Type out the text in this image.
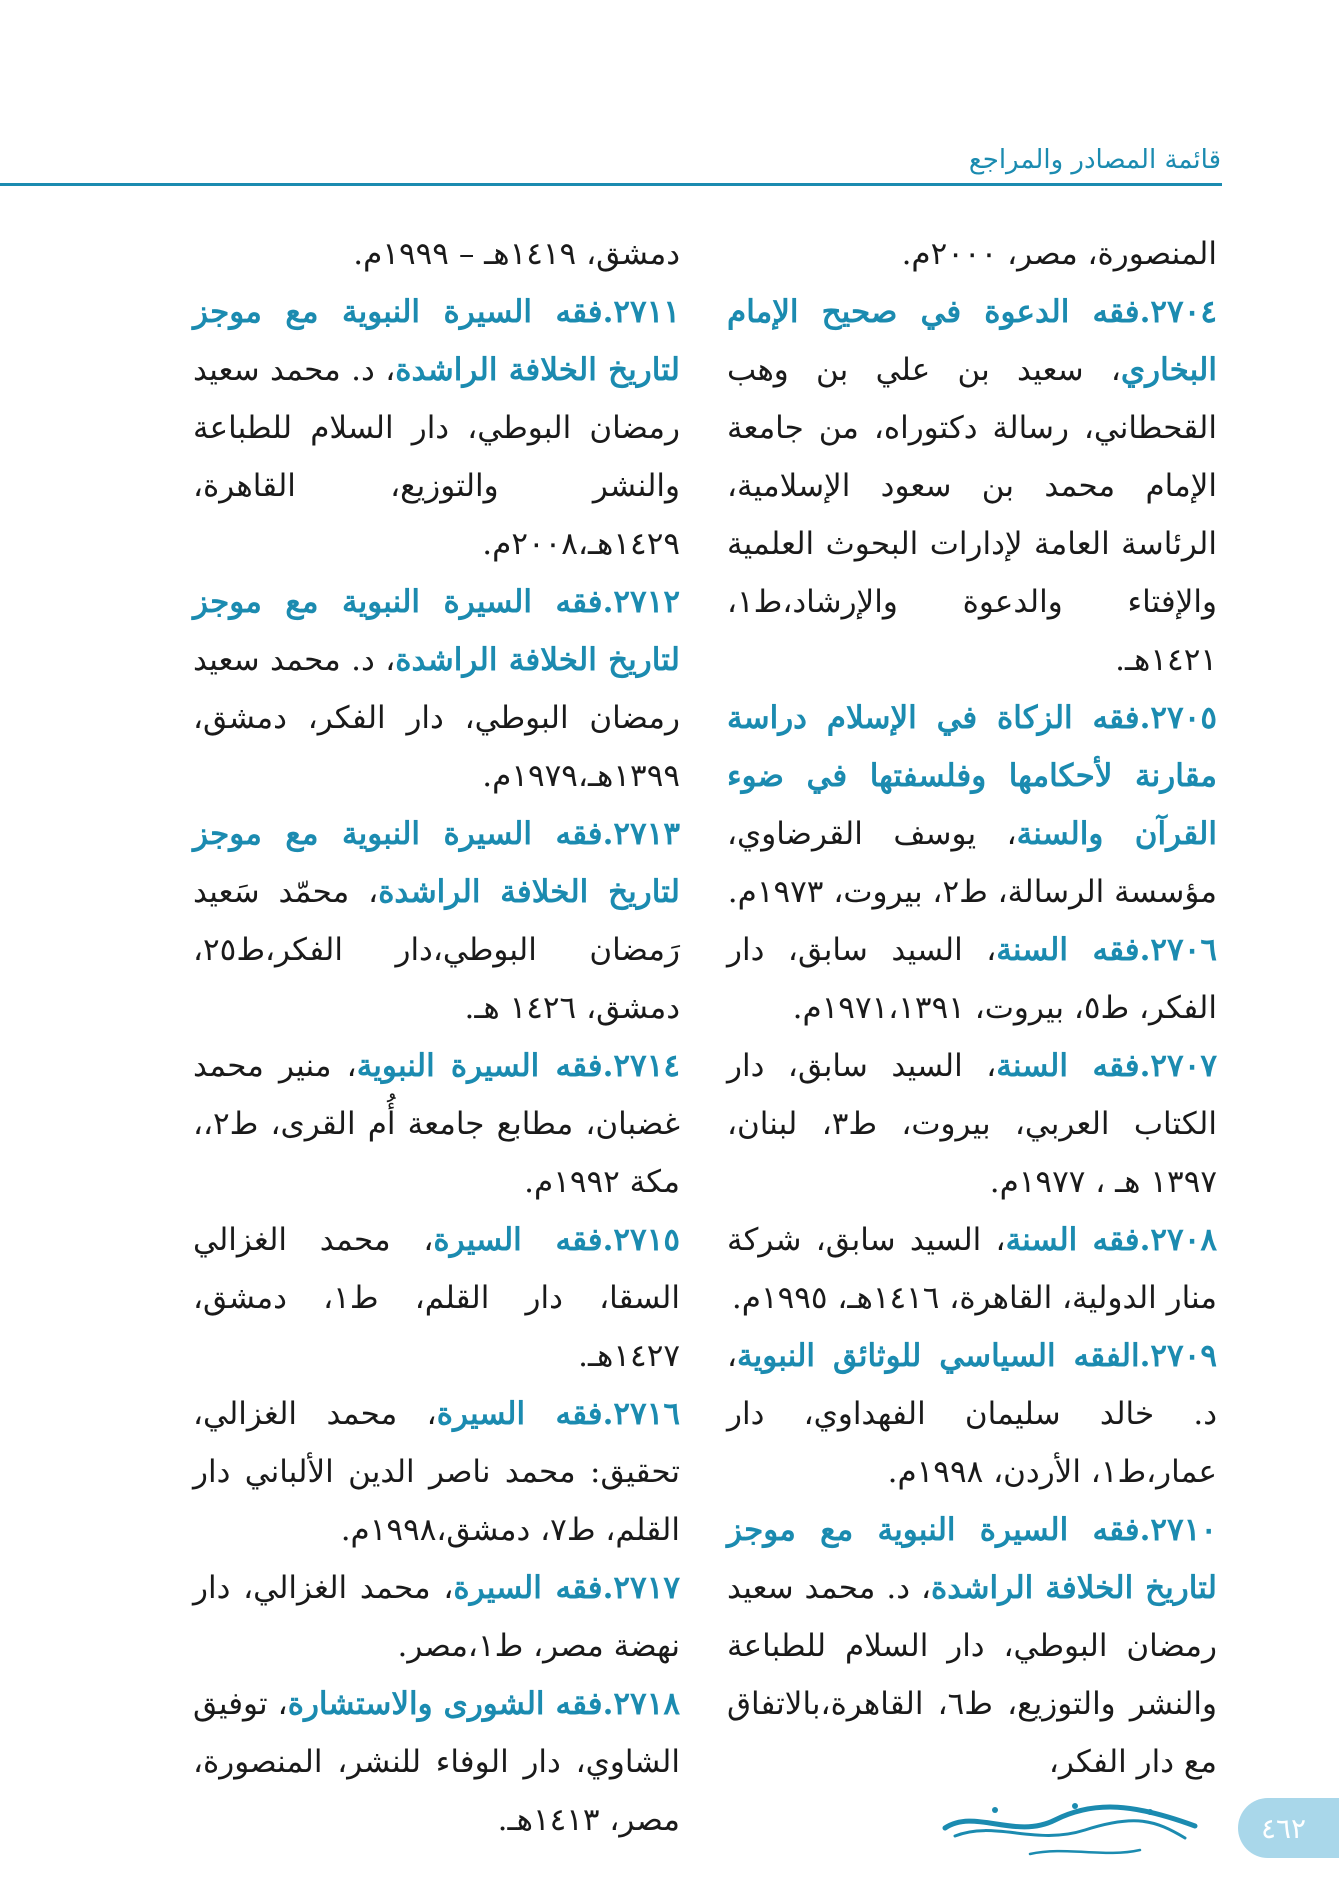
قائمة المصادر والمراجع

المنصورة، مصر، ٢٠٠٠م.

٢٧٠٤.فقه الدعوة في صحيح الإمام البخاري، سعيد بن علي بن وهب القحطاني، رسالة دكتوراه، من جامعة الإمام محمد بن سعود الإسلامية، الرئاسة العامة لإدارات البحوث العلمية والإفتاء والدعوة والإرشاد،ط١، ١٤٢١هـ.

٢٧٠٥.فقه الزكاة في الإسلام دراسة مقارنة لأحكامها وفلسفتها في ضوء القرآن والسنة، يوسف القرضاوي، مؤسسة الرسالة، ط٢، بيروت، ١٩٧٣م.

٢٧٠٦.فقه السنة، السيد سابق، دار الفكر، ط٥، بيروت، ١٩٧١،١٣٩١م.

٢٧٠٧.فقه السنة، السيد سابق، دار الكتاب العربي، بيروت، ط٣، لبنان، ١٣٩٧ هـ ، ١٩٧٧م.

٢٧٠٨.فقه السنة، السيد سابق، شركة منار الدولية، القاهرة، ١٤١٦هـ، ١٩٩٥م.

٢٧٠٩.الفقه السياسي للوثائق النبوية، د. خالد سليمان الفهداوي، دار عمار،ط١، الأردن، ١٩٩٨م.

٢٧١٠.فقه السيرة النبوية مع موجز لتاريخ الخلافة الراشدة، د. محمد سعيد رمضان البوطي، دار السلام للطباعة والنشر والتوزيع، ط٦، القاهرة،بالاتفاق مع دار الفكر،

دمشق، ١٤١٩هـ – ١٩٩٩م.

٢٧١١.فقه السيرة النبوية مع موجز لتاريخ الخلافة الراشدة، د. محمد سعيد رمضان البوطي، دار السلام للطباعة والنشر والتوزيع، القاهرة، ١٤٢٩هـ،٢٠٠٨م.

٢٧١٢.فقه السيرة النبوية مع موجز لتاريخ الخلافة الراشدة، د. محمد سعيد رمضان البوطي، دار الفكر، دمشق، ١٣٩٩هـ،١٩٧٩م.

٢٧١٣.فقه السيرة النبوية مع موجز لتاريخ الخلافة الراشدة، محمّد سَعيد رَمضان البوطي،دار الفكر،ط٢٥، دمشق، ١٤٢٦ هـ.

٢٧١٤.فقه السيرة النبوية، منير محمد غضبان، مطابع جامعة أُم القرى، ط٢،، مكة ١٩٩٢م.

٢٧١٥.فقه السيرة، محمد الغزالي السقا، دار القلم، ط١، دمشق، ١٤٢٧هـ.

٢٧١٦.فقه السيرة، محمد الغزالي، تحقيق: محمد ناصر الدين الألباني دار القلم، ط٧، دمشق،١٩٩٨م.

٢٧١٧.فقه السيرة، محمد الغزالي، دار نهضة مصر، ط١،مصر.

٢٧١٨.فقه الشورى والاستشارة، توفيق الشاوي، دار الوفاء للنشر، المنصورة، مصر، ١٤١٣هـ.	٤٦٢
